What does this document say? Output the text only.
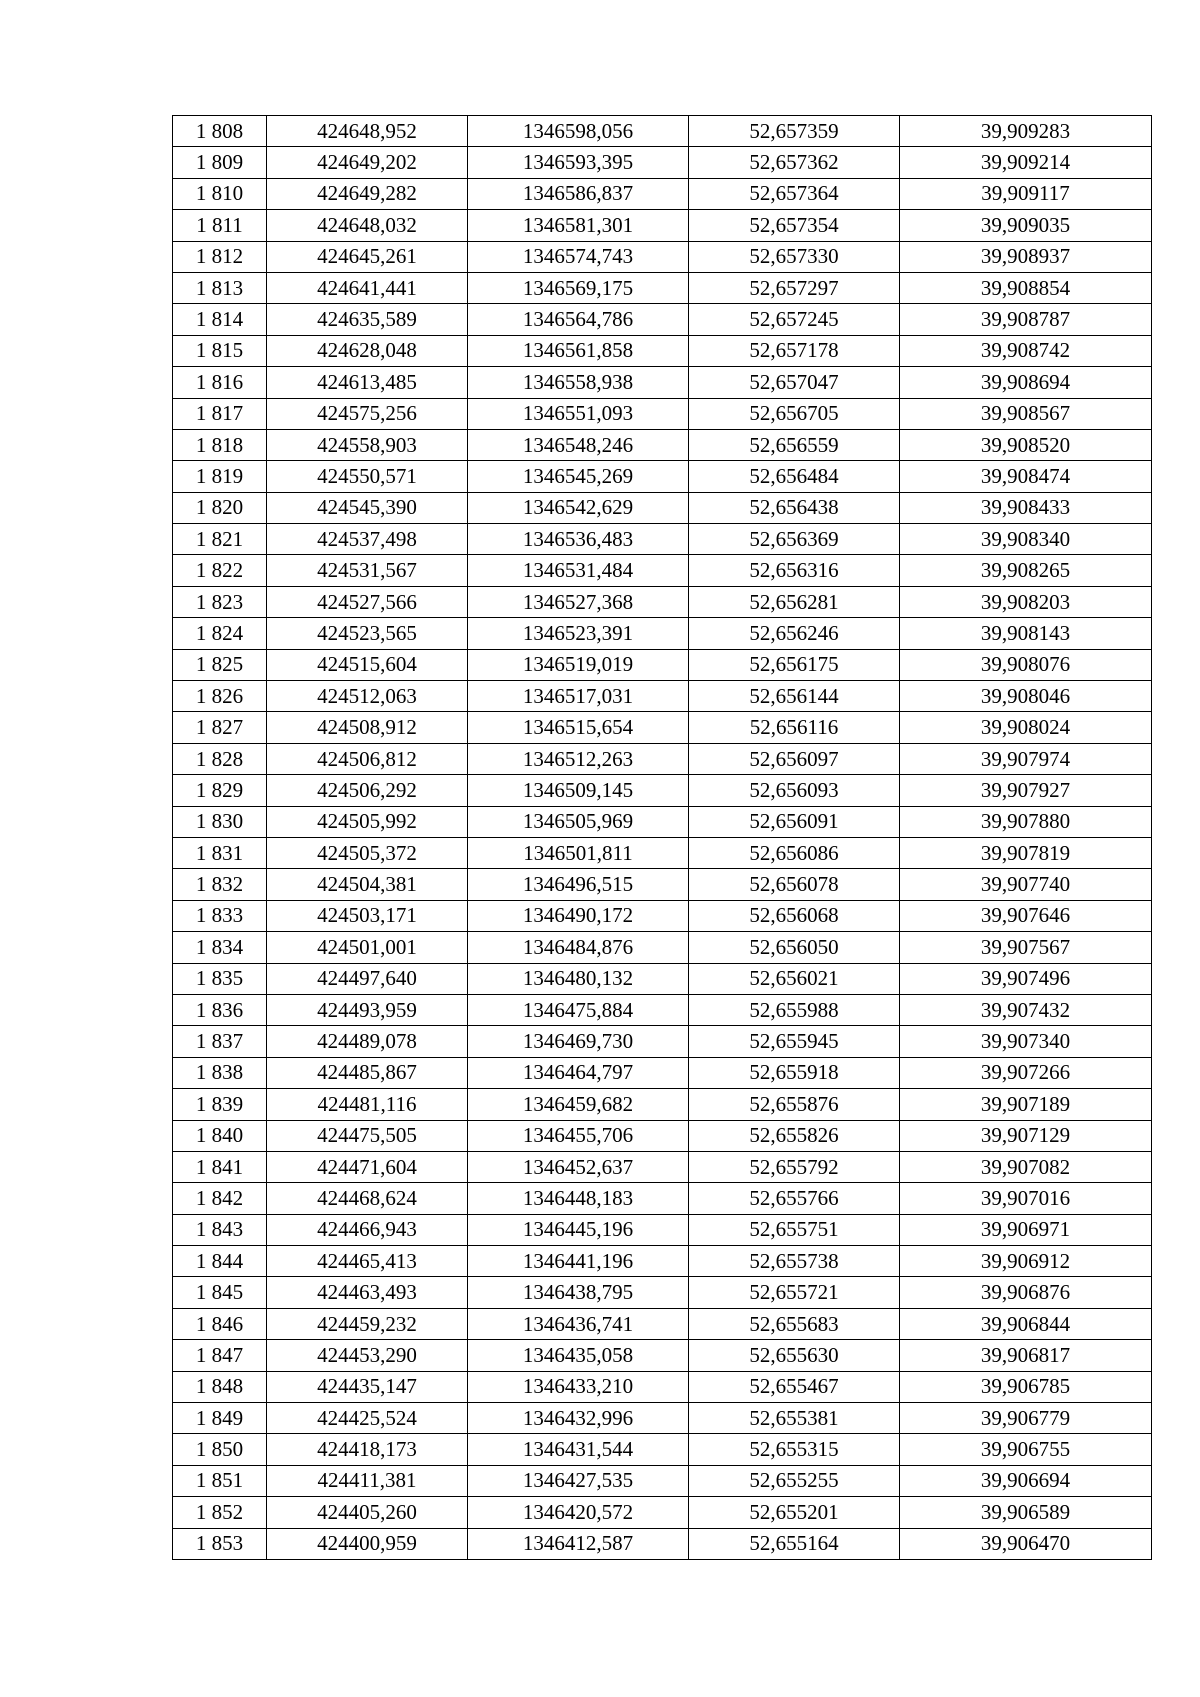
1 808	424648,952	1346598,056	52,657359	39,909283
1 809	424649,202	1346593,395	52,657362	39,909214
1 810	424649,282	1346586,837	52,657364	39,909117
1 811	424648,032	1346581,301	52,657354	39,909035
1 812	424645,261	1346574,743	52,657330	39,908937
1 813	424641,441	1346569,175	52,657297	39,908854
1 814	424635,589	1346564,786	52,657245	39,908787
1 815	424628,048	1346561,858	52,657178	39,908742
1 816	424613,485	1346558,938	52,657047	39,908694
1 817	424575,256	1346551,093	52,656705	39,908567
1 818	424558,903	1346548,246	52,656559	39,908520
1 819	424550,571	1346545,269	52,656484	39,908474
1 820	424545,390	1346542,629	52,656438	39,908433
1 821	424537,498	1346536,483	52,656369	39,908340
1 822	424531,567	1346531,484	52,656316	39,908265
1 823	424527,566	1346527,368	52,656281	39,908203
1 824	424523,565	1346523,391	52,656246	39,908143
1 825	424515,604	1346519,019	52,656175	39,908076
1 826	424512,063	1346517,031	52,656144	39,908046
1 827	424508,912	1346515,654	52,656116	39,908024
1 828	424506,812	1346512,263	52,656097	39,907974
1 829	424506,292	1346509,145	52,656093	39,907927
1 830	424505,992	1346505,969	52,656091	39,907880
1 831	424505,372	1346501,811	52,656086	39,907819
1 832	424504,381	1346496,515	52,656078	39,907740
1 833	424503,171	1346490,172	52,656068	39,907646
1 834	424501,001	1346484,876	52,656050	39,907567
1 835	424497,640	1346480,132	52,656021	39,907496
1 836	424493,959	1346475,884	52,655988	39,907432
1 837	424489,078	1346469,730	52,655945	39,907340
1 838	424485,867	1346464,797	52,655918	39,907266
1 839	424481,116	1346459,682	52,655876	39,907189
1 840	424475,505	1346455,706	52,655826	39,907129
1 841	424471,604	1346452,637	52,655792	39,907082
1 842	424468,624	1346448,183	52,655766	39,907016
1 843	424466,943	1346445,196	52,655751	39,906971
1 844	424465,413	1346441,196	52,655738	39,906912
1 845	424463,493	1346438,795	52,655721	39,906876
1 846	424459,232	1346436,741	52,655683	39,906844
1 847	424453,290	1346435,058	52,655630	39,906817
1 848	424435,147	1346433,210	52,655467	39,906785
1 849	424425,524	1346432,996	52,655381	39,906779
1 850	424418,173	1346431,544	52,655315	39,906755
1 851	424411,381	1346427,535	52,655255	39,906694
1 852	424405,260	1346420,572	52,655201	39,906589
1 853	424400,959	1346412,587	52,655164	39,906470
